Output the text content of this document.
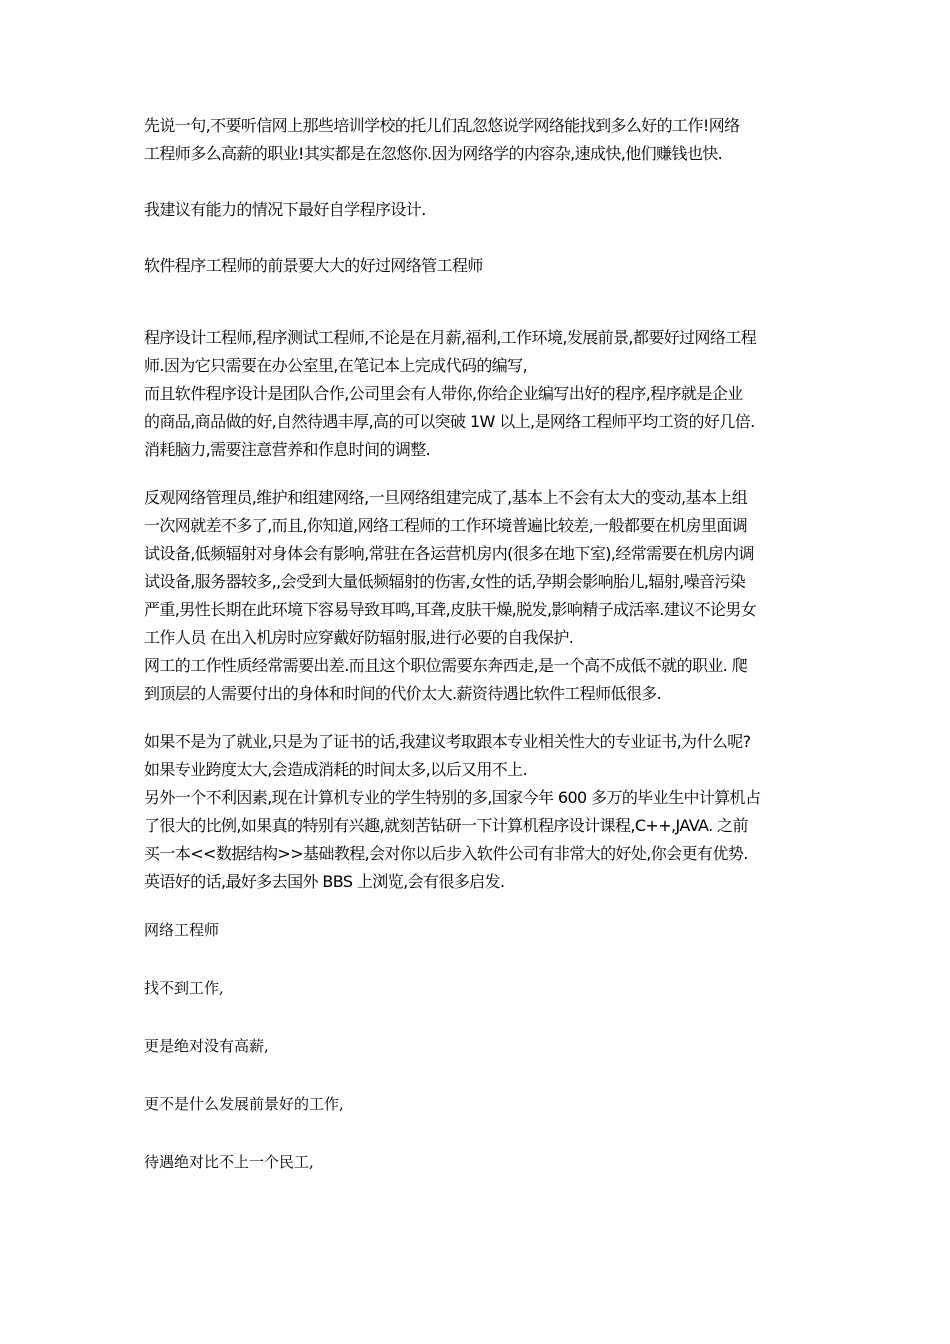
先说一句,不要听信网上那些培训学校的托儿们乱忽悠说学网络能找到多么好的工作!网络
工程师多么高薪的职业!其实都是在忽悠你.因为网络学的内容杂,速成快,他们赚钱也快.

我建议有能力的情况下最好自学程序设计.

软件程序工程师的前景要大大的好过网络管工程师

程序设计工程师,程序测试工程师,不论是在月薪,福利,工作环境,发展前景,都要好过网络工程
师.因为它只需要在办公室里,在笔记本上完成代码的编写,
而且软件程序设计是团队合作,公司里会有人带你,你给企业编写出好的程序,程序就是企业
的商品,商品做的好,自然待遇丰厚,高的可以突破 1W 以上,是网络工程师平均工资的好几倍.
消耗脑力,需要注意营养和作息时间的调整.

反观网络管理员,维护和组建网络,一旦网络组建完成了,基本上不会有太大的变动,基本上组
一次网就差不多了,而且,你知道,网络工程师的工作环境普遍比较差,一般都要在机房里面调
试设备,低频辐射对身体会有影响,常驻在各运营机房内(很多在地下室),经常需要在机房内调
试设备,服务器较多,,会受到大量低频辐射的伤害,女性的话,孕期会影响胎儿,辐射,噪音污染
严重,男性长期在此环境下容易导致耳鸣,耳聋,皮肤干燥,脱发,影响精子成活率.建议不论男女
工作人员 在出入机房时应穿戴好防辐射服,进行必要的自我保护.
网工的工作性质经常需要出差.而且这个职位需要东奔西走,是一个高不成低不就的职业. 爬
到顶层的人需要付出的身体和时间的代价太大.薪资待遇比软件工程师低很多.

如果不是为了就业,只是为了证书的话,我建议考取跟本专业相关性大的专业证书,为什么呢?
如果专业跨度太大,会造成消耗的时间太多,以后又用不上.
另外一个不利因素,现在计算机专业的学生特别的多,国家今年 600 多万的毕业生中计算机占
了很大的比例,如果真的特别有兴趣,就刻苦钻研一下计算机程序设计课程,C++,JAVA. 之前
买一本<<数据结构>>基础教程,会对你以后步入软件公司有非常大的好处,你会更有优势.
英语好的话,最好多去国外 BBS 上浏览,会有很多启发.

网络工程师

找不到工作,

更是绝对没有高薪,

更不是什么发展前景好的工作,

待遇绝对比不上一个民工,
